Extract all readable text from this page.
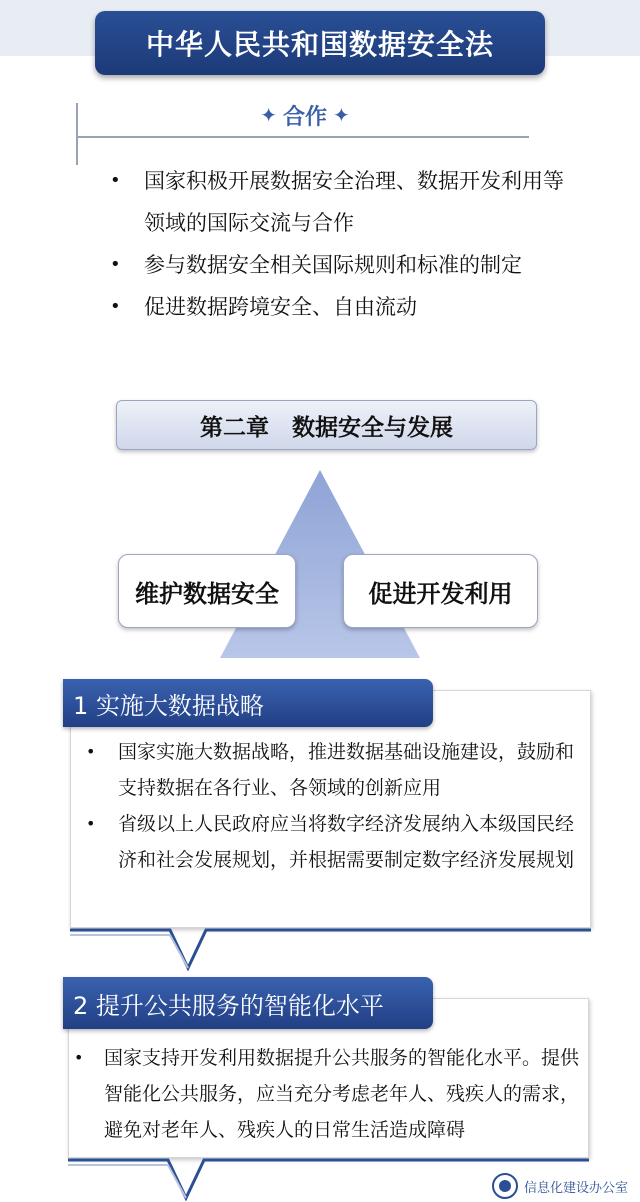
中华人民共和国数据安全法
✦ 合作 ✦
• 国家积极开展数据安全治理、数据开发利用等领域的国际交流与合作
• 参与数据安全相关国际规则和标准的制定
• 促进数据跨境安全、自由流动
第二章　数据安全与发展
维护数据安全	促进开发利用
1 实施大数据战略
• 国家实施大数据战略，推进数据基础设施建设，鼓励和支持数据在各行业、各领域的创新应用
• 省级以上人民政府应当将数字经济发展纳入本级国民经济和社会发展规划，并根据需要制定数字经济发展规划
2 提升公共服务的智能化水平
• 国家支持开发利用数据提升公共服务的智能化水平。提供智能化公共服务，应当充分考虑老年人、残疾人的需求，避免对老年人、残疾人的日常生活造成障碍
信息化建设办公室
